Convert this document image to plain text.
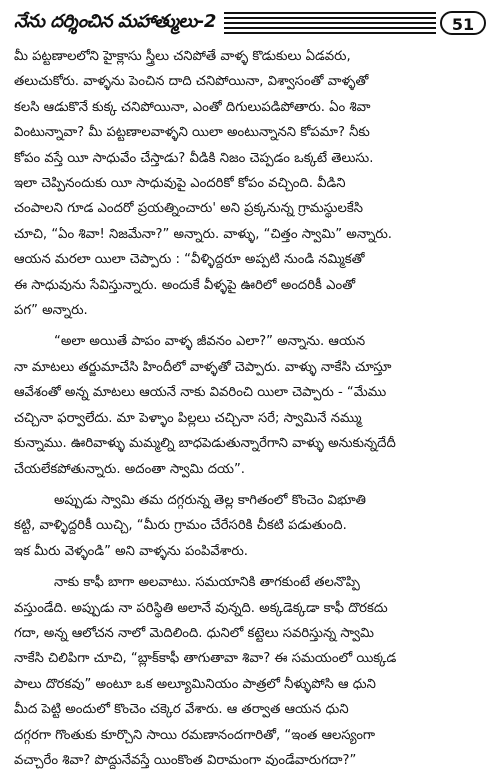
నేను దర్శించిన మహాత్ములు-2	51
మీ పట్టణాలలోని హైక్లాసు స్త్రీలు చనిపోతే వాళ్ళ కొడుకులు ఏడవరు,
తలుచుకోరు. వాళ్ళను పెంచిన దాది చనిపోయినా, విశ్వాసంతో వాళ్ళతో
కలసి ఆడుకొనే కుక్క చనిపోయినా, ఎంతో దిగులుపడిపోతారు. ఏం శివా
వింటున్నావా? మీ పట్టణాలవాళ్ళని యిలా అంటున్నానని కోపమా? నీకు
కోపం వస్తే యీ సాధువేం చేస్తాడు? వీడికి నిజం చెప్పడం ఒక్కటే తెలుసు.
ఇలా చెప్పినందుకు యీ సాధువుపై ఎందరికో కోపం వచ్చింది. వీడిని
చంపాలని గూడ ఎందరో ప్రయత్నించారు' అని ప్రక్కనున్న గ్రామస్థులకేసి
చూచి, “ఏం శివా! నిజమేనా?” అన్నారు. వాళ్ళు, “చిత్తం స్వామి” అన్నారు.
ఆయన మరలా యిలా చెప్పారు : “వీళ్ళిద్దరూ అప్పటి నుండి నమ్మికతో
ఈ సాధువును సేవిస్తున్నారు. అందుకే వీళ్ళపై ఊరిలో అందరికీ ఎంతో
పగ” అన్నారు.
“అలా అయితే పాపం వాళ్ళ జీవనం ఎలా?” అన్నాను. ఆయన
నా మాటలు తర్జుమాచేసి హిందీలో వాళ్ళతో చెప్పారు. వాళ్ళు నాకేసి చూస్తూ
ఆవేశంతో అన్న మాటలు ఆయనే నాకు వివరించి యిలా చెప్పారు - “మేము
చచ్చినా ఫర్వాలేదు. మా పెళ్ళాం పిల్లలు చచ్చినా సరే; స్వామినే నమ్ము
కున్నాము. ఊరివాళ్ళు మమ్మల్ని బాధపెడుతున్నారేగాని వాళ్ళు అనుకున్నదేదీ
చేయలేకపోతున్నారు. అదంతా స్వామి దయ”.
అప్పుడు స్వామి తమ దగ్గరున్న తెల్ల కాగితంలో కొంచెం విభూతి
కట్టి, వాళ్ళిద్దరికీ యిచ్చి, “మీరు గ్రామం చేరేసరికి చీకటి పడుతుంది.
ఇక మీరు వెళ్ళండి” అని వాళ్ళను పంపివేశారు.
నాకు కాఫీ బాగా అలవాటు. సమయానికి తాగకుంటే తలనొప్పి
వస్తుండేది. అప్పుడు నా పరిస్థితి అలానే వున్నది. అక్కడెక్కడా కాఫీ దొరకదు
గదా, అన్న ఆలోచన నాలో మెదిలింది. ధునిలో కట్టెలు సవరిస్తున్న స్వామి
నాకేసి చిలిపిగా చూచి, “బ్లాక్‌కాఫీ తాగుతావా శివా? ఈ సమయంలో యిక్కడ
పాలు దొరకవు” అంటూ ఒక అల్యూమినియం పాత్రలో నీళ్ళుపోసి ఆ ధుని
మీద పెట్టి అందులో కొంచెం చక్కెర వేశారు. ఆ తర్వాత ఆయన ధుని
దగ్గరగా గొంతుకు కూర్చొని సాయి రమణానందగారితో, “ఇంత ఆలస్యంగా
వచ్చారేం శివా? పొద్దునేవస్తే యింకొంత విరామంగా వుండేవారుగదా?”
